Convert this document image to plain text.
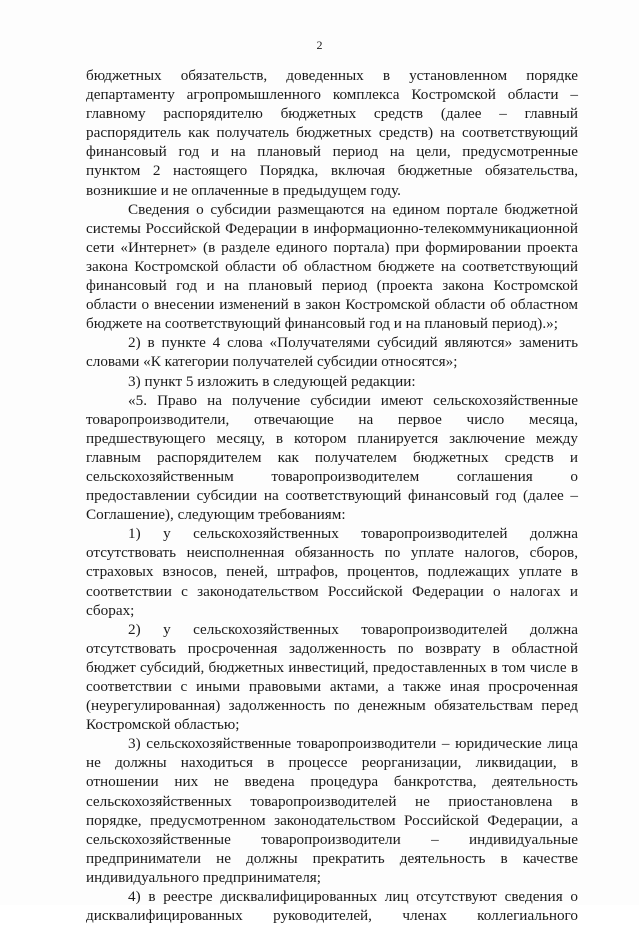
2
бюджетных обязательств, доведенных в установленном порядке
департаменту агропромышленного комплекса Костромской области –
главному распорядителю бюджетных средств (далее – главный
распорядитель как получатель бюджетных средств) на соответствующий
финансовый год и на плановый период на цели, предусмотренные
пунктом 2 настоящего Порядка, включая бюджетные обязательства,
возникшие и не оплаченные в предыдущем году.
Сведения о субсидии размещаются на едином портале бюджетной
системы Российской Федерации в информационно-телекоммуникационной
сети «Интернет» (в разделе единого портала) при формировании проекта
закона Костромской области об областном бюджете на соответствующий
финансовый год и на плановый период (проекта закона Костромской
области о внесении изменений в закон Костромской области об областном
бюджете на соответствующий финансовый год и на плановый период).»;
2) в пункте 4 слова «Получателями субсидий являются» заменить
словами «К категории получателей субсидии относятся»;
3) пункт 5 изложить в следующей редакции:
«5. Право на получение субсидии имеют сельскохозяйственные
товаропроизводители, отвечающие на первое число месяца,
предшествующего месяцу, в котором планируется заключение между
главным распорядителем как получателем бюджетных средств и
сельскохозяйственным товаропроизводителем соглашения о
предоставлении субсидии на соответствующий финансовый год (далее –
Соглашение), следующим требованиям:
1) у сельскохозяйственных товаропроизводителей должна
отсутствовать неисполненная обязанность по уплате налогов, сборов,
страховых взносов, пеней, штрафов, процентов, подлежащих уплате в
соответствии с законодательством Российской Федерации о налогах и
сборах;
2) у сельскохозяйственных товаропроизводителей должна
отсутствовать просроченная задолженность по возврату в областной
бюджет субсидий, бюджетных инвестиций, предоставленных в том числе в
соответствии с иными правовыми актами, а также иная просроченная
(неурегулированная) задолженность по денежным обязательствам перед
Костромской областью;
3) сельскохозяйственные товаропроизводители – юридические лица
не должны находиться в процессе реорганизации, ликвидации, в
отношении них не введена процедура банкротства, деятельность
сельскохозяйственных товаропроизводителей не приостановлена в
порядке, предусмотренном законодательством Российской Федерации, а
сельскохозяйственные товаропроизводители – индивидуальные
предприниматели не должны прекратить деятельность в качестве
индивидуального предпринимателя;
4) в реестре дисквалифицированных лиц отсутствуют сведения о
дисквалифицированных руководителей, членах коллегиального
